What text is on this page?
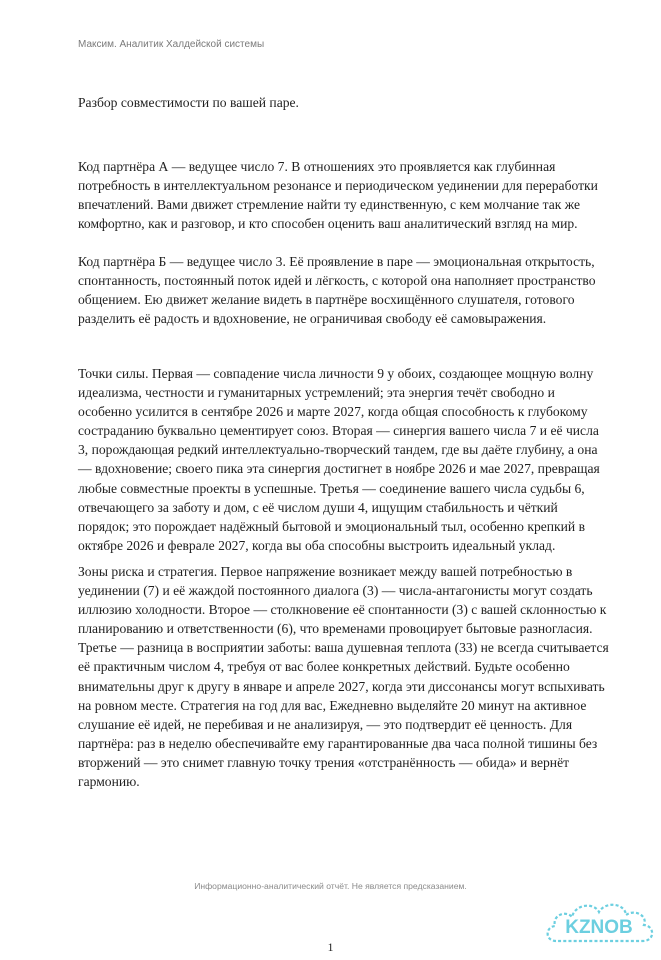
Максим. Аналитик Халдейской системы

Разбор совместимости по вашей паре.

Код партнёра А — ведущее число 7. В отношениях это проявляется как глубинная потребность в интеллектуальном резонансе и периодическом уединении для переработки впечатлений. Вами движет стремление найти ту единственную, с кем молчание так же комфортно, как и разговор, и кто способен оценить ваш аналитический взгляд на мир.

Код партнёра Б — ведущее число 3. Её проявление в паре — эмоциональная открытость, спонтанность, постоянный поток идей и лёгкость, с которой она наполняет пространство общением. Ею движет желание видеть в партнёре восхищённого слушателя, готового разделить её радость и вдохновение, не ограничивая свободу её самовыражения.

Точки силы. Первая — совпадение числа личности 9 у обоих, создающее мощную волну идеализма, честности и гуманитарных устремлений; эта энергия течёт свободно и особенно усилится в сентябре 2026 и марте 2027, когда общая способность к глубокому состраданию буквально цементирует союз. Вторая — синергия вашего числа 7 и её числа 3, порождающая редкий интеллектуально-творческий тандем, где вы даёте глубину, а она — вдохновение; своего пика эта синергия достигнет в ноябре 2026 и мае 2027, превращая любые совместные проекты в успешные. Третья — соединение вашего числа судьбы 6, отвечающего за заботу и дом, с её числом души 4, ищущим стабильность и чёткий порядок; это порождает надёжный бытовой и эмоциональный тыл, особенно крепкий в октябре 2026 и феврале 2027, когда вы оба способны выстроить идеальный уклад.

Зоны риска и стратегия. Первое напряжение возникает между вашей потребностью в уединении (7) и её жаждой постоянного диалога (3) — числа-антагонисты могут создать иллюзию холодности. Второе — столкновение её спонтанности (3) с вашей склонностью к планированию и ответственности (6), что временами провоцирует бытовые разногласия. Третье — разница в восприятии заботы: ваша душевная теплота (33) не всегда считывается её практичным числом 4, требуя от вас более конкретных действий. Будьте особенно внимательны друг к другу в январе и апреле 2027, когда эти диссонансы могут вспыхивать на ровном месте. Стратегия на год для вас, Ежедневно выделяйте 20 минут на активное слушание её идей, не перебивая и не анализируя, — это подтвердит её ценность. Для партнёра: раз в неделю обеспечивайте ему гарантированные два часа полной тишины без вторжений — это снимет главную точку трения «отстранённость — обида» и вернёт гармонию.

Информационно-аналитический отчёт. Не является предсказанием.
1
KZNOB
